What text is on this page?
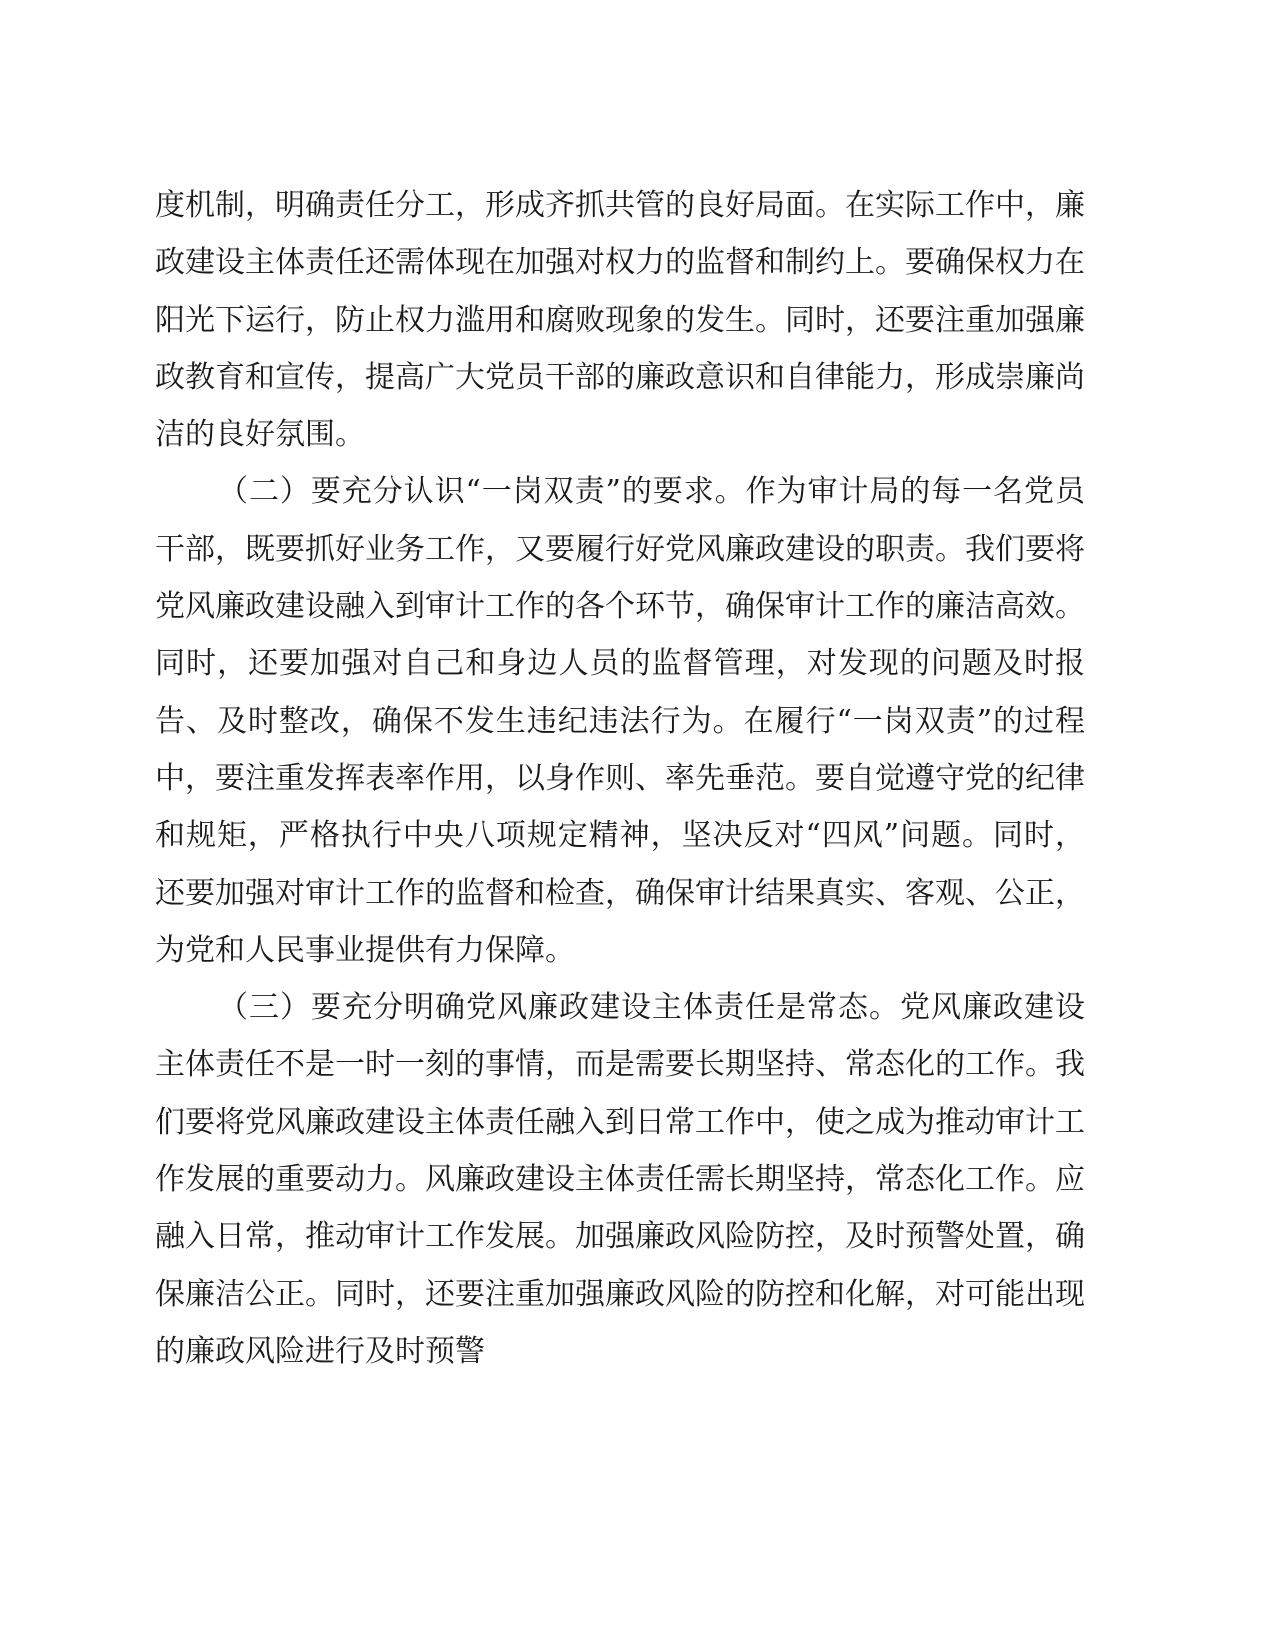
度机制，明确责任分工，形成齐抓共管的良好局面。在实际工作中，廉政建设主体责任还需体现在加强对权力的监督和制约上。要确保权力在阳光下运行，防止权力滥用和腐败现象的发生。同时，还要注重加强廉政教育和宣传，提高广大党员干部的廉政意识和自律能力，形成崇廉尚洁的良好氛围。

（二）要充分认识“一岗双责”的要求。作为审计局的每一名党员干部，既要抓好业务工作，又要履行好党风廉政建设的职责。我们要将党风廉政建设融入到审计工作的各个环节，确保审计工作的廉洁高效。同时，还要加强对自己和身边人员的监督管理，对发现的问题及时报告、及时整改，确保不发生违纪违法行为。在履行“一岗双责”的过程中，要注重发挥表率作用，以身作则、率先垂范。要自觉遵守党的纪律和规矩，严格执行中央八项规定精神，坚决反对“四风”问题。同时，还要加强对审计工作的监督和检查，确保审计结果真实、客观、公正，为党和人民事业提供有力保障。

（三）要充分明确党风廉政建设主体责任是常态。党风廉政建设主体责任不是一时一刻的事情，而是需要长期坚持、常态化的工作。我们要将党风廉政建设主体责任融入到日常工作中，使之成为推动审计工作发展的重要动力。风廉政建设主体责任需长期坚持，常态化工作。应融入日常，推动审计工作发展。加强廉政风险防控，及时预警处置，确保廉洁公正。同时，还要注重加强廉政风险的防控和化解，对可能出现的廉政风险进行及时预警
